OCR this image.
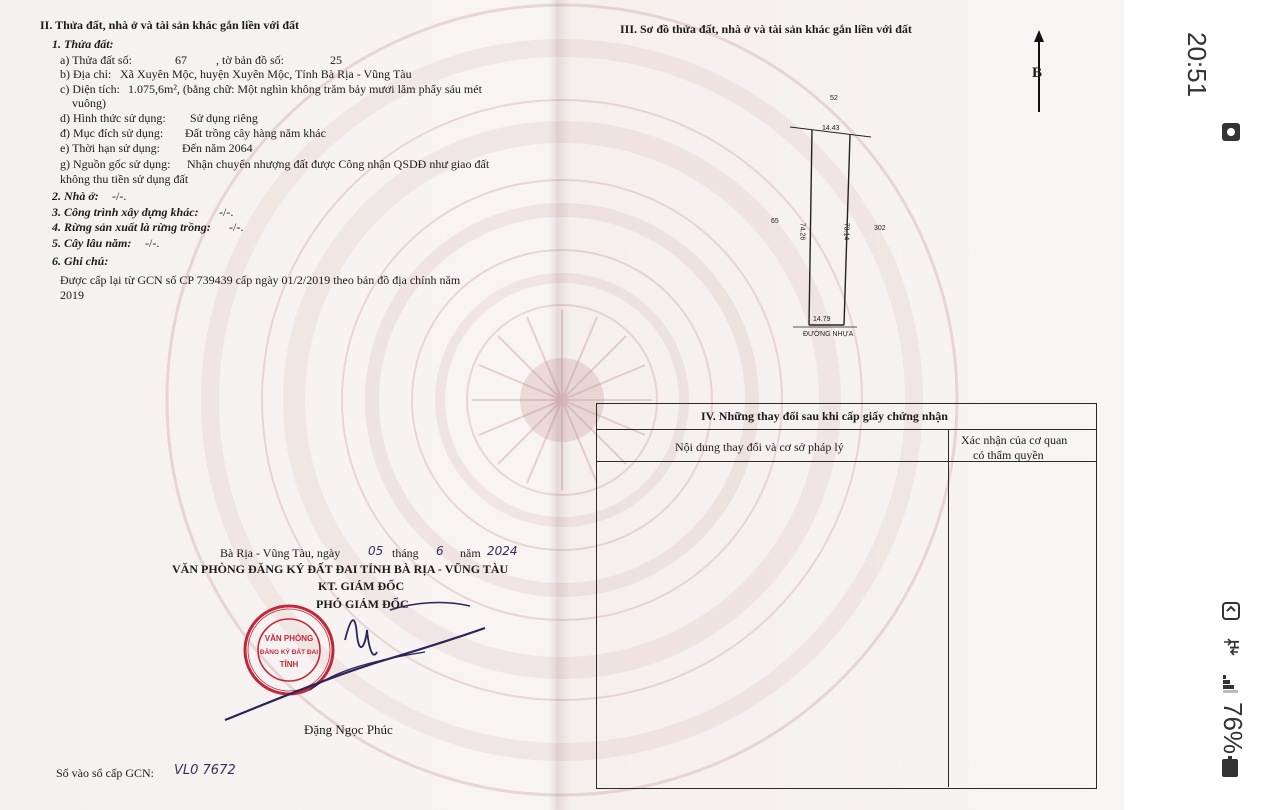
II. Thửa đất, nhà ở và tài sản khác gắn liền với đất
1. Thửa đất:
a) Thửa đất số:	67 , tờ bản đồ số:	25
b) Địa chỉ: Xã Xuyên Mộc, huyện Xuyên Mộc, Tỉnh Bà Rịa - Vũng Tàu
c) Diện tích: 1.075,6m², (bằng chữ: Một nghìn không trăm bảy mươi lăm phẩy sáu mét
vuông)
d) Hình thức sử dụng: Sử dụng riêng
đ) Mục đích sử dụng: Đất trồng cây hàng năm khác
e) Thời hạn sử dụng: Đến năm 2064
g) Nguồn gốc sử dụng: Nhận chuyển nhượng đất được Công nhận QSDĐ như giao đất
không thu tiền sử dụng đất
2. Nhà ở: -/-.
3. Công trình xây dựng khác: -/-.
4. Rừng sản xuất là rừng trồng: -/-.
5. Cây lâu năm: -/-.
6. Ghi chú:
Được cấp lại từ GCN số CP 739439 cấp ngày 01/2/2019 theo bản đồ địa chính năm
2019
Bà Rịa - Vũng Tàu, ngày 05 tháng 6 năm 2024
VĂN PHÒNG ĐĂNG KÝ ĐẤT ĐAI TỈNH BÀ RỊA - VŨNG TÀU
KT. GIÁM ĐỐC
PHÓ GIÁM ĐỐC
VĂN PHÒNG
ĐĂNG KÝ ĐẤT ĐAI
TỈNH
Đặng Ngọc Phúc
Số vào sổ cấp GCN: VL0 7672
III. Sơ đồ thửa đất, nhà ở và tài sản khác gắn liền với đất
B
52
14.43
65
74.26	73.14	302
14.79
ĐƯỜNG NHỰA
IV. Những thay đổi sau khi cấp giấy chứng nhận
Nội dung thay đổi và cơ sở pháp lý	Xác nhận của cơ quan
có thẩm quyền
20:51
H
76%
